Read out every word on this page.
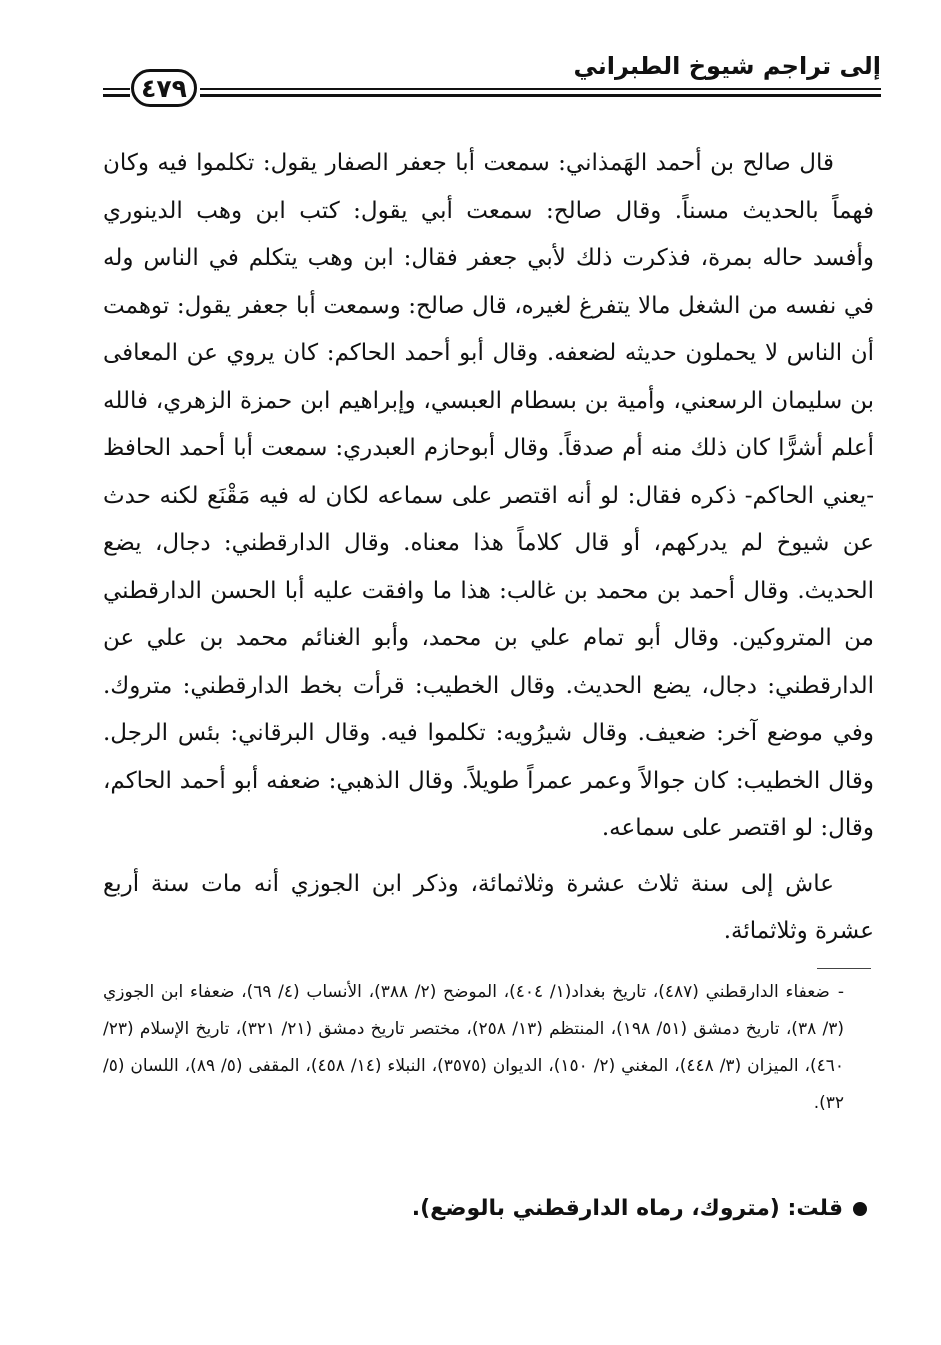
إلى تراجم شيوخ الطبراني
٤٧٩

قال صالح بن أحمد الهَمذاني: سمعت أبا جعفر الصفار يقول: تكلموا فيه وكان فهماً بالحديث مسناً. وقال صالح: سمعت أبي يقول: كتب ابن وهب الدينوري وأفسد حاله بمرة، فذكرت ذلك لأبي جعفر فقال: ابن وهب يتكلم في الناس وله في نفسه من الشغل مالا يتفرغ لغيره، قال صالح: وسمعت أبا جعفر يقول: توهمت أن الناس لا يحملون حديثه لضعفه. وقال أبو أحمد الحاكم: كان يروي عن المعافى بن سليمان الرسعني، وأمية بن بسطام العبسي، وإبراهيم ابن حمزة الزهري، فالله أعلم أشرًّا كان ذلك منه أم صدقاً. وقال أبوحازم العبدري: سمعت أبا أحمد الحافظ -يعني الحاكم- ذكره فقال: لو أنه اقتصر على سماعه لكان له فيه مَقْنَع لكنه حدث عن شيوخ لم يدركهم، أو قال كلاماً هذا معناه. وقال الدارقطني: دجال، يضع الحديث. وقال أحمد بن محمد بن غالب: هذا ما وافقت عليه أبا الحسن الدارقطني من المتروكين. وقال أبو تمام علي بن محمد، وأبو الغنائم محمد بن علي عن الدارقطني: دجال، يضع الحديث. وقال الخطيب: قرأت بخط الدارقطني: متروك. وفي موضع آخر: ضعيف. وقال شيرُويه: تكلموا فيه. وقال البرقاني: بئس الرجل. وقال الخطيب: كان جوالاً وعمر عمراً طويلاً. وقال الذهبي: ضعفه أبو أحمد الحاكم، وقال: لو اقتصر على سماعه.

عاش إلى سنة ثلاث عشرة وثلاثمائة، وذكر ابن الجوزي أنه مات سنة أربع عشرة وثلاثمائة.

-ضعفاء الدارقطني (٤٨٧)، تاريخ بغداد(١/ ٤٠٤)، الموضح (٢/ ٣٨٨)، الأنساب (٤/ ٦٩)، ضعفاء ابن الجوزي (٣/ ٣٨)، تاريخ دمشق (٥١/ ١٩٨)، المنتظم (١٣/ ٢٥٨)، مختصر تاريخ دمشق (٢١/ ٣٢١)، تاريخ الإسلام (٢٣/ ٤٦٠)، الميزان (٣/ ٤٤٨)، المغني (٢/ ١٥٠)، الديوان (٣٥٧٥)، النبلاء (١٤/ ٤٥٨)، المقفى (٥/ ٨٩)، اللسان (٥/ ٣٢).

قلت: (متروك، رماه الدارقطني بالوضع).
